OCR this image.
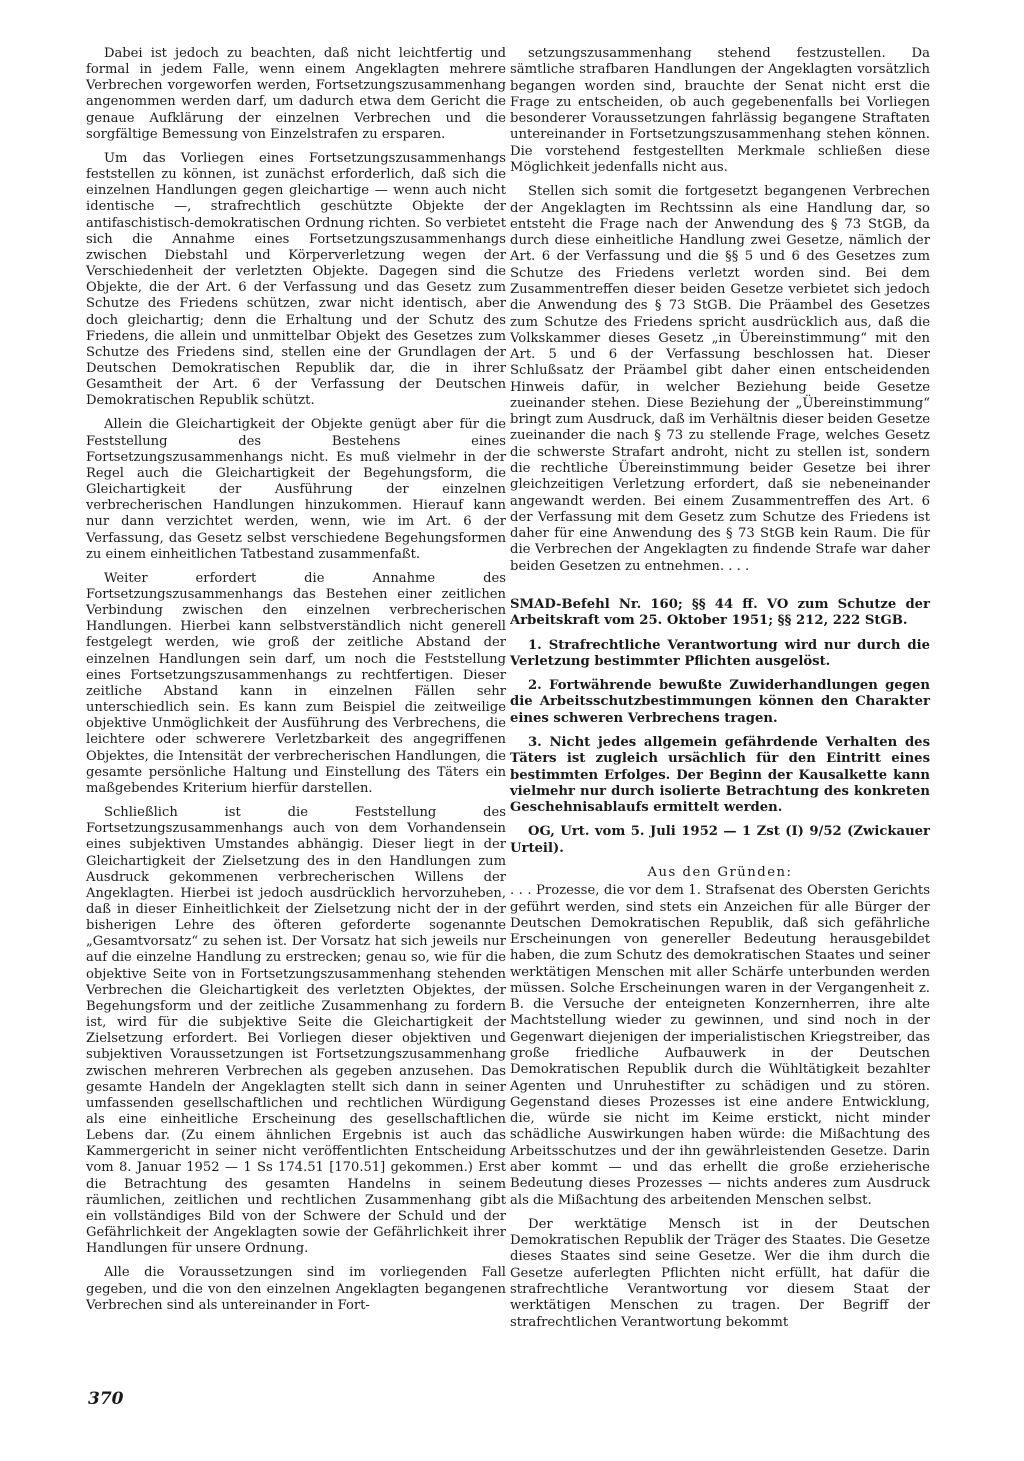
Dabei ist jedoch zu beachten, daß nicht leichtfertig und formal in jedem Falle, wenn einem Angeklagten mehrere Verbrechen vorgeworfen werden, Fortsetzungszusammenhang angenommen werden darf, um dadurch etwa dem Gericht die genaue Aufklärung der einzelnen Verbrechen und die sorgfältige Bemessung von Einzelstrafen zu ersparen.

Um das Vorliegen eines Fortsetzungszusammenhangs feststellen zu können, ist zunächst erforderlich, daß sich die einzelnen Handlungen gegen gleichartige — wenn auch nicht identische —, strafrechtlich geschützte Objekte der antifaschistisch-demokratischen Ordnung richten. So verbietet sich die Annahme eines Fortsetzungszusammenhangs zwischen Diebstahl und Körperverletzung wegen der Verschiedenheit der verletzten Objekte. Dagegen sind die Objekte, die der Art. 6 der Verfassung und das Gesetz zum Schutze des Friedens schützen, zwar nicht identisch, aber doch gleichartig; denn die Erhaltung und der Schutz des Friedens, die allein und unmittelbar Objekt des Gesetzes zum Schutze des Friedens sind, stellen eine der Grundlagen der Deutschen Demokratischen Republik dar, die in ihrer Gesamtheit der Art. 6 der Verfassung der Deutschen Demokratischen Republik schützt.

Allein die Gleichartigkeit der Objekte genügt aber für die Feststellung des Bestehens eines Fortsetzungszusammenhangs nicht. Es muß vielmehr in der Regel auch die Gleichartigkeit der Begehungsform, die Gleichartigkeit der Ausführung der einzelnen verbrecherischen Handlungen hinzukommen. Hierauf kann nur dann verzichtet werden, wenn, wie im Art. 6 der Verfassung, das Gesetz selbst verschiedene Begehungsformen zu einem einheitlichen Tatbestand zusammenfaßt.

Weiter erfordert die Annahme des Fortsetzungszusammenhangs das Bestehen einer zeitlichen Verbindung zwischen den einzelnen verbrecherischen Handlungen. Hierbei kann selbstverständlich nicht generell festgelegt werden, wie groß der zeitliche Abstand der einzelnen Handlungen sein darf, um noch die Feststellung eines Fortsetzungszusammenhangs zu rechtfertigen. Dieser zeitliche Abstand kann in einzelnen Fällen sehr unterschiedlich sein. Es kann zum Beispiel die zeitweilige objektive Unmöglichkeit der Ausführung des Verbrechens, die leichtere oder schwerere Verletzbarkeit des angegriffenen Objektes, die Intensität der verbrecherischen Handlungen, die gesamte persönliche Haltung und Einstellung des Täters ein maßgebendes Kriterium hierfür darstellen.

Schließlich ist die Feststellung des Fortsetzungszusammenhangs auch von dem Vorhandensein eines subjektiven Umstandes abhängig. Dieser liegt in der Gleichartigkeit der Zielsetzung des in den Handlungen zum Ausdruck gekommenen verbrecherischen Willens der Angeklagten. Hierbei ist jedoch ausdrücklich hervorzuheben, daß in dieser Einheitlichkeit der Zielsetzung nicht der in der bisherigen Lehre des öfteren geforderte sogenannte „Gesamtvorsatz“ zu sehen ist. Der Vorsatz hat sich jeweils nur auf die einzelne Handlung zu erstrecken; genau so, wie für die objektive Seite von in Fortsetzungszusammenhang stehenden Verbrechen die Gleichartigkeit des verletzten Objektes, der Begehungsform und der zeitliche Zusammenhang zu fordern ist, wird für die subjektive Seite die Gleichartigkeit der Zielsetzung erfordert. Bei Vorliegen dieser objektiven und subjektiven Voraussetzungen ist Fortsetzungszusammenhang zwischen mehreren Verbrechen als gegeben anzusehen. Das gesamte Handeln der Angeklagten stellt sich dann in seiner umfassenden gesellschaftlichen und rechtlichen Würdigung als eine einheitliche Erscheinung des gesellschaftlichen Lebens dar. (Zu einem ähnlichen Ergebnis ist auch das Kammergericht in seiner nicht veröffentlichten Entscheidung vom 8. Januar 1952 — 1 Ss 174.51 [170.51] gekommen.) Erst die Betrachtung des gesamten Handelns in seinem räumlichen, zeitlichen und rechtlichen Zusammenhang gibt ein vollständiges Bild von der Schwere der Schuld und der Gefährlichkeit der Angeklagten sowie der Gefährlichkeit ihrer Handlungen für unsere Ordnung.

Alle die Voraussetzungen sind im vorliegenden Fall gegeben, und die von den einzelnen Angeklagten begangenen Verbrechen sind als untereinander in Fort-

setzungszusammenhang stehend festzustellen. Da sämtliche strafbaren Handlungen der Angeklagten vorsätzlich begangen worden sind, brauchte der Senat nicht erst die Frage zu entscheiden, ob auch gegebenenfalls bei Vorliegen besonderer Voraussetzungen fahrlässig begangene Straftaten untereinander in Fortsetzungszusammenhang stehen können. Die vorstehend festgestellten Merkmale schließen diese Möglichkeit jedenfalls nicht aus.

Stellen sich somit die fortgesetzt begangenen Verbrechen der Angeklagten im Rechtssinn als eine Handlung dar, so entsteht die Frage nach der Anwendung des § 73 StGB, da durch diese einheitliche Handlung zwei Gesetze, nämlich der Art. 6 der Verfassung und die §§ 5 und 6 des Gesetzes zum Schutze des Friedens verletzt worden sind. Bei dem Zusammentreffen dieser beiden Gesetze verbietet sich jedoch die Anwendung des § 73 StGB. Die Präambel des Gesetzes zum Schutze des Friedens spricht ausdrücklich aus, daß die Volkskammer dieses Gesetz „in Übereinstimmung“ mit den Art. 5 und 6 der Verfassung beschlossen hat. Dieser Schlußsatz der Präambel gibt daher einen entscheidenden Hinweis dafür, in welcher Beziehung beide Gesetze zueinander stehen. Diese Beziehung der „Übereinstimmung“ bringt zum Ausdruck, daß im Verhältnis dieser beiden Gesetze zueinander die nach § 73 zu stellende Frage, welches Gesetz die schwerste Strafart androht, nicht zu stellen ist, sondern die rechtliche Übereinstimmung beider Gesetze bei ihrer gleichzeitigen Verletzung erfordert, daß sie nebeneinander angewandt werden. Bei einem Zusammentreffen des Art. 6 der Verfassung mit dem Gesetz zum Schutze des Friedens ist daher für eine Anwendung des § 73 StGB kein Raum. Die für die Verbrechen der Angeklagten zu findende Strafe war daher beiden Gesetzen zu entnehmen. . . .

SMAD-Befehl Nr. 160; §§ 44 ff. VO zum Schutze der Arbeitskraft vom 25. Oktober 1951; §§ 212, 222 StGB.

1. Strafrechtliche Verantwortung wird nur durch die Verletzung bestimmter Pflichten ausgelöst.

2. Fortwährende bewußte Zuwiderhandlungen gegen die Arbeitsschutzbestimmungen können den Charakter eines schweren Verbrechens tragen.

3. Nicht jedes allgemein gefährdende Verhalten des Täters ist zugleich ursächlich für den Eintritt eines bestimmten Erfolges. Der Beginn der Kausalkette kann vielmehr nur durch isolierte Betrachtung des konkreten Geschehnisablaufs ermittelt werden.

OG, Urt. vom 5. Juli 1952 — 1 Zst (I) 9/52 (Zwickauer Urteil).

Aus den Gründen:

. . . Prozesse, die vor dem 1. Strafsenat des Obersten Gerichts geführt werden, sind stets ein Anzeichen für alle Bürger der Deutschen Demokratischen Republik, daß sich gefährliche Erscheinungen von genereller Bedeutung herausgebildet haben, die zum Schutz des demokratischen Staates und seiner werktätigen Menschen mit aller Schärfe unterbunden werden müssen. Solche Erscheinungen waren in der Vergangenheit z. B. die Versuche der enteigneten Konzernherren, ihre alte Machtstellung wieder zu gewinnen, und sind noch in der Gegenwart diejenigen der imperialistischen Kriegstreiber, das große friedliche Aufbauwerk in der Deutschen Demokratischen Republik durch die Wühltätigkeit bezahlter Agenten und Unruhestifter zu schädigen und zu stören. Gegenstand dieses Prozesses ist eine andere Entwicklung, die, würde sie nicht im Keime erstickt, nicht minder schädliche Auswirkungen haben würde: die Mißachtung des Arbeitsschutzes und der ihn gewährleistenden Gesetze. Darin aber kommt — und das erhellt die große erzieherische Bedeutung dieses Prozesses — nichts anderes zum Ausdruck als die Mißachtung des arbeitenden Menschen selbst.

Der werktätige Mensch ist in der Deutschen Demokratischen Republik der Träger des Staates. Die Gesetze dieses Staates sind seine Gesetze. Wer die ihm durch die Gesetze auferlegten Pflichten nicht erfüllt, hat dafür die strafrechtliche Verantwortung vor diesem Staat der werktätigen Menschen zu tragen. Der Begriff der strafrechtlichen Verantwortung bekommt

370
